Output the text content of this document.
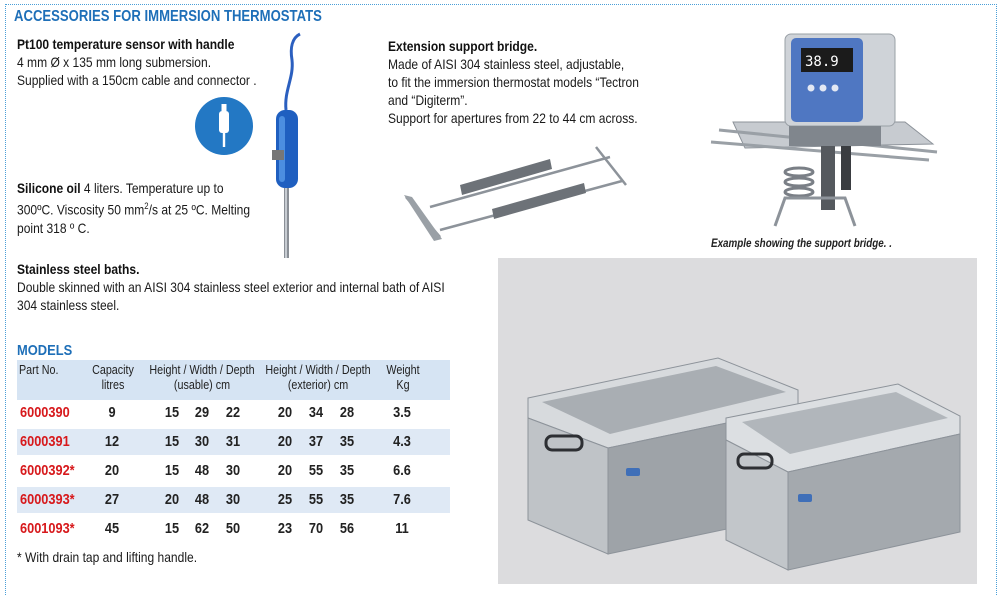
ACCESSORIES FOR IMMERSION THERMOSTATS
Pt100 temperature sensor with handle
4 mm Ø x 135 mm long submersion.
Supplied with a 150cm cable and connector .
Silicone oil 4 liters. Temperature up to
300ºC. Viscosity 50 $mm^2/s$ at 25 ºC. Melting
point 318 º C.
Extension support bridge.
Made of AISI 304 stainless steel, adjustable,
to fit the immersion thermostat models “Tectron
and “Digiterm”.
Support for apertures from 22 to 44 cm across.
38.9
Example showing the support bridge. .
Stainless steel baths.
Double skinned with an AISI 304 stainless steel exterior and internal bath of AISI
304 stainless steel.
MODELS
Part No.	Capacity
litres
Height / Width / Depth
(usable) cm
Height / Width / Depth
(exterior) cm
Weight
Kg
6000390	9	15	29	22	20	34	28	3.5
6000391	12	15	30	31	20	37	35	4.3
6000392*	20	15	48	30	20	55	35	6.6
6000393*	27	20	48	30	25	55	35	7.6
6001093*	45	15	62	50	23	70	56	11
* With drain tap and lifting handle.
